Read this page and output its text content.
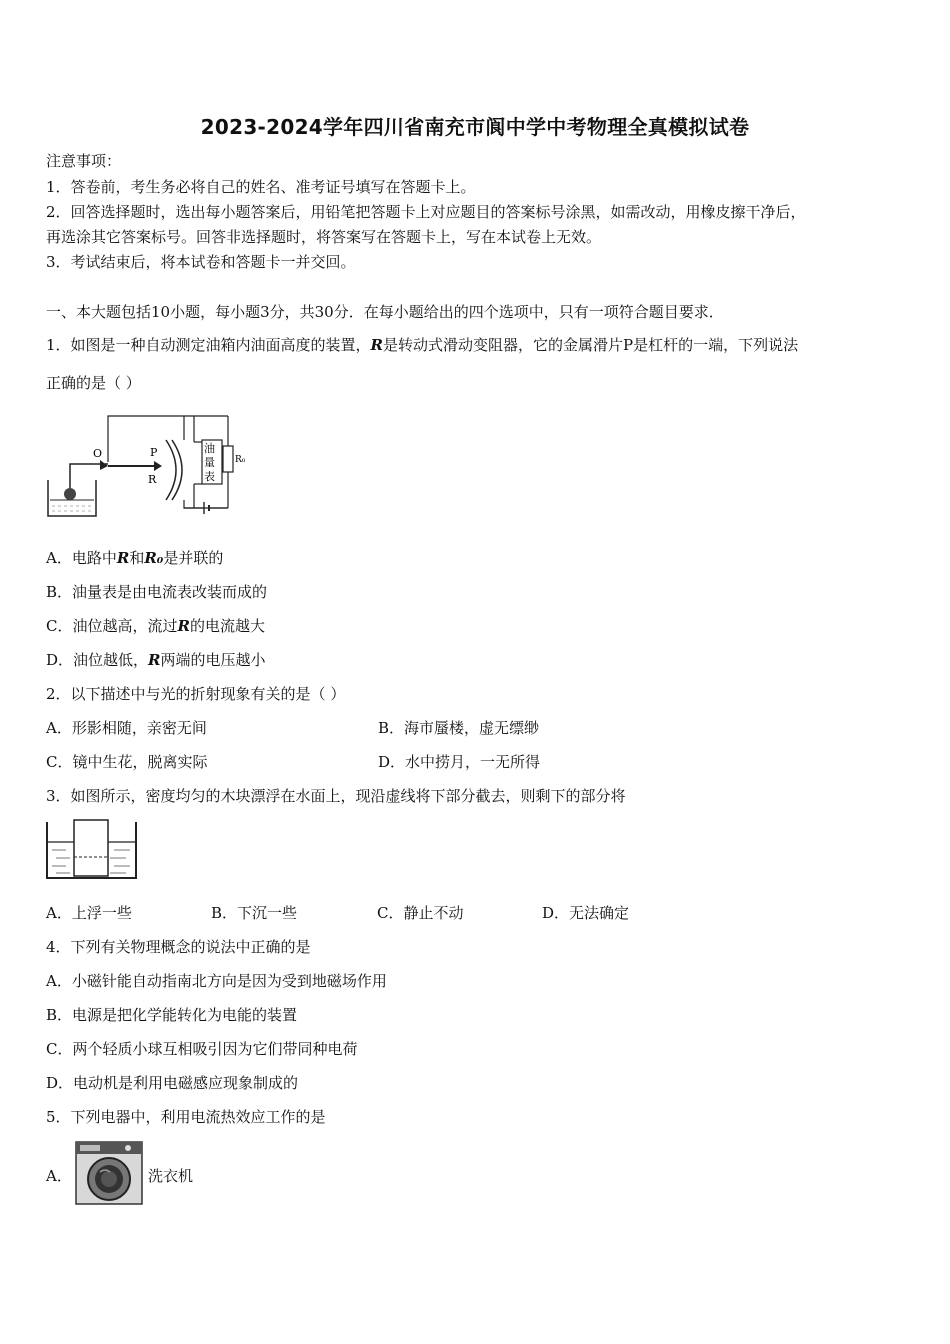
2023-2024学年四川省南充市阆中学中考物理全真模拟试卷
注意事项：
1．答卷前，考生务必将自己的姓名、准考证号填写在答题卡上。
2．回答选择题时，选出每小题答案后，用铅笔把答题卡上对应题目的答案标号涂黑，如需改动，用橡皮擦干净后，
再选涂其它答案标号。回答非选择题时，将答案写在答题卡上，写在本试卷上无效。
3．考试结束后，将本试卷和答题卡一并交回。
一、本大题包括10小题，每小题3分，共30分．在每小题给出的四个选项中，只有一项符合题目要求．
1．如图是一种自动测定油箱内油面高度的装置，R是转动式滑动变阻器，它的金属滑片P是杠杆的一端，下列说法
正确的是（ ）
O	P
R
油
量
表
R₀
A．电路中R和R₀是并联的
B．油量表是由电流表改装而成的
C．油位越高，流过R的电流越大
D．油位越低，R两端的电压越小
2．以下描述中与光的折射现象有关的是（ ）
A．形影相随，亲密无间	B．海市蜃楼，虚无缥缈
C．镜中生花，脱离实际	D．水中捞月，一无所得
3．如图所示，密度均匀的木块漂浮在水面上，现沿虚线将下部分截去，则剩下的部分将
A．上浮一些	B．下沉一些	C．静止不动	D．无法确定
4．下列有关物理概念的说法中正确的是
A．小磁针能自动指南北方向是因为受到地磁场作用
B．电源是把化学能转化为电能的装置
C．两个轻质小球互相吸引因为它们带同种电荷
D．电动机是利用电磁感应现象制成的
5．下列电器中，利用电流热效应工作的是
A．	洗衣机
